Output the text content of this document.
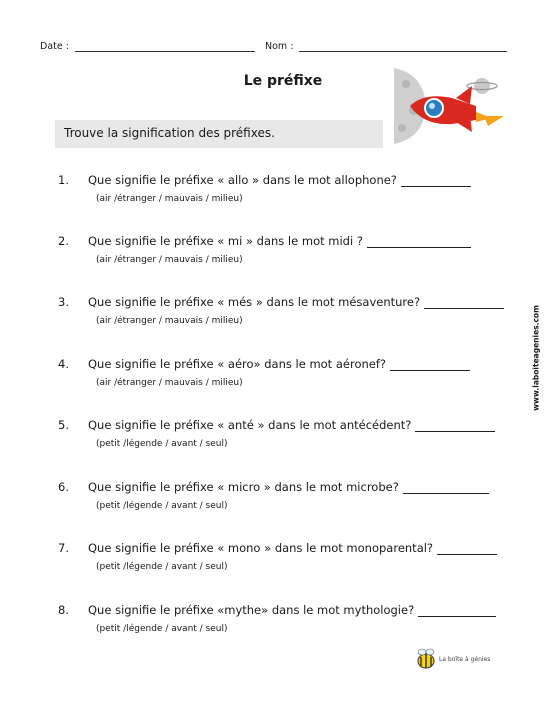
Date :	Nom :
Le préfixe
Trouve la signification des préfixes.
www.laboiteagenies.com
1. Que signifie le préfixe « allo » dans le mot allophone?
(air /étranger / mauvais / milieu)
2. Que signifie le préfixe « mi » dans le mot midi ?
(air /étranger / mauvais / milieu)
3. Que signifie le préfixe « més » dans le mot mésaventure?
(air /étranger / mauvais / milieu)
4. Que signifie le préfixe « aéro» dans le mot aéronef?
(air /étranger / mauvais / milieu)
5. Que signifie le préfixe « anté » dans le mot antécédent?
(petit /légende / avant / seul)
6. Que signifie le préfixe « micro » dans le mot microbe?
(petit /légende / avant / seul)
7. Que signifie le préfixe « mono » dans le mot monoparental?
(petit /légende / avant / seul)
8. Que signifie le préfixe «mythe» dans le mot mythologie?
(petit /légende / avant / seul)
La boîte à génies
